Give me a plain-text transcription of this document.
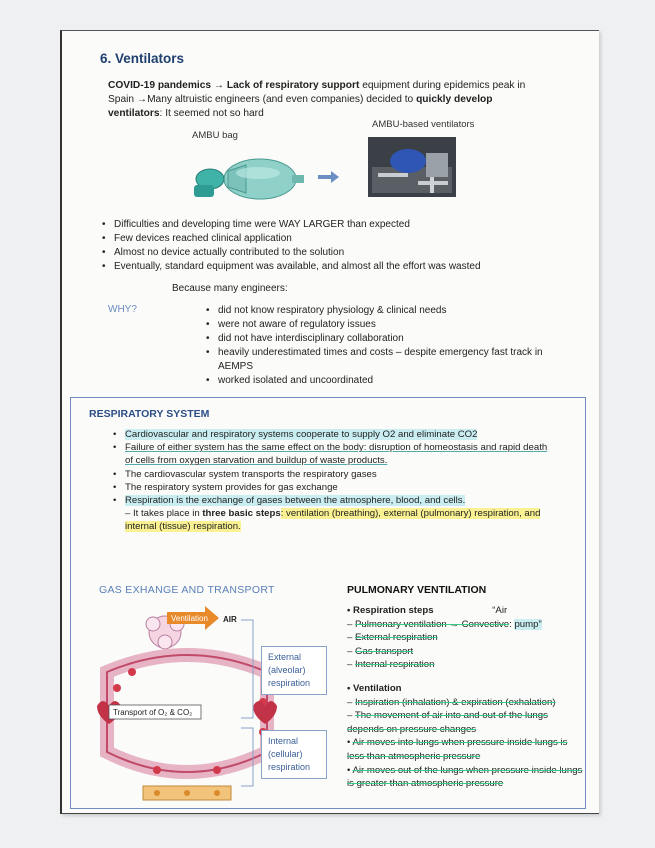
6. Ventilators
COVID-19 pandemics → Lack of respiratory support equipment during epidemics peak in Spain →Many altruistic engineers (and even companies) decided to quickly develop ventilators: It seemed not so hard
AMBU bag
AMBU-based ventilators
• Difficulties and developing time were WAY LARGER than expected
• Few devices reached clinical application
• Almost no device actually contributed to the solution
• Eventually, standard equipment was available, and almost all the effort was wasted
Because many engineers:
WHY?
•	did not know respiratory physiology & clinical needs
• were not aware of regulatory issues
• did not have interdisciplinary collaboration
• heavily underestimated times and costs – despite emergency fast track in AEMPS
• worked isolated and uncoordinated
RESPIRATORY SYSTEM
• Cardiovascular and respiratory systems cooperate to supply O2 and eliminate CO2
• Failure of either system has the same effect on the body: disruption of homeostasis and rapid death of cells from oxygen starvation and buildup of waste products.
• The cardiovascular system transports the respiratory gases
• The respiratory system provides for gas exchange
• Respiration is the exchange of gases between the atmosphere, blood, and cells.
– It takes place in three basic steps: ventilation (breathing), external (pulmonary) respiration, and internal (tissue) respiration.
GAS EXHANGE AND TRANSPORT
Ventilation AIR
Transport of O₂ & CO₂
External (alveolar) respiration
Internal (cellular) respiration
PULMONARY VENTILATION
• Respiration steps	“Air
– Pulmonary ventilation → Convective: pump”
– External respiration
– Gas transport
– Internal respiration
• Ventilation
– Inspiration (inhalation) & expiration (exhalation)
– The movement of air into and out of the lungs depends on pressure changes
• Air moves into lungs when pressure inside lungs is less than atmospheric pressure
• Air moves out of the lungs when pressure inside lungs is greater than atmospheric pressure
